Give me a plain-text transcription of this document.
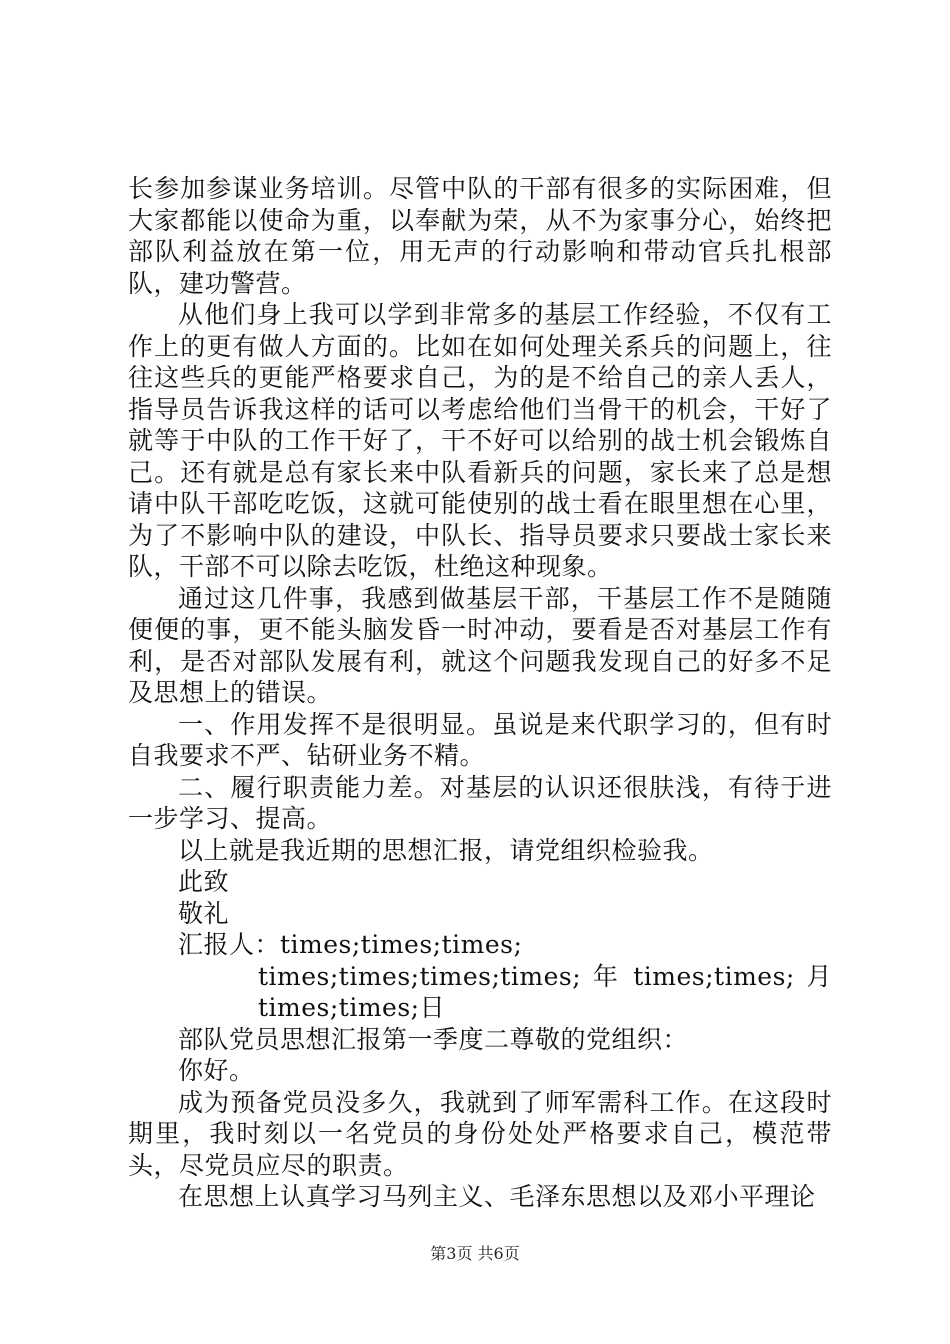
长参加参谋业务培训。尽管中队的干部有很多的实际困难，但大家都能以使命为重，以奉献为荣，从不为家事分心，始终把部队利益放在第一位，用无声的行动影响和带动官兵扎根部队，建功警营。

从他们身上我可以学到非常多的基层工作经验，不仅有工作上的更有做人方面的。比如在如何处理关系兵的问题上，往往这些兵的更能严格要求自己，为的是不给自己的亲人丢人，指导员告诉我这样的话可以考虑给他们当骨干的机会，干好了就等于中队的工作干好了，干不好可以给别的战士机会锻炼自己。还有就是总有家长来中队看新兵的问题，家长来了总是想请中队干部吃吃饭，这就可能使别的战士看在眼里想在心里，为了不影响中队的建设，中队长、指导员要求只要战士家长来队，干部不可以除去吃饭，杜绝这种现象。

通过这几件事，我感到做基层干部，干基层工作不是随随便便的事，更不能头脑发昏一时冲动，要看是否对基层工作有利，是否对部队发展有利，就这个问题我发现自己的好多不足及思想上的错误。

一、作用发挥不是很明显。虽说是来代职学习的，但有时自我要求不严、钻研业务不精。

二、履行职责能力差。对基层的认识还很肤浅，有待于进一步学习、提高。

以上就是我近期的思想汇报，请党组织检验我。

此致

敬礼

汇报人：times;times;times;

times;times;times;times; 年 times;times; 月 times;times;日

部队党员思想汇报第一季度二尊敬的党组织：

你好。

成为预备党员没多久，我就到了师军需科工作。在这段时期里，我时刻以一名党员的身份处处严格要求自己，模范带头，尽党员应尽的职责。

在思想上认真学习马列主义、毛泽东思想以及邓小平理论

第3页 共6页
